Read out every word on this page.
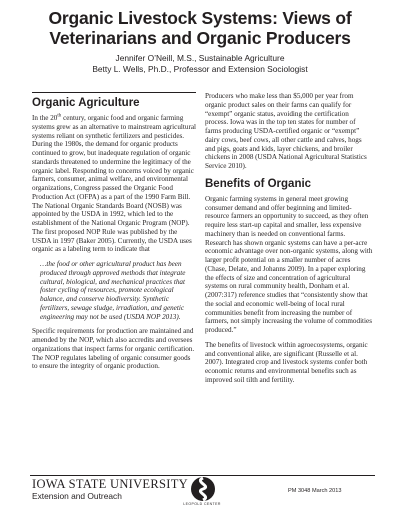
Organic Livestock Systems: Views of
Veterinarians and Organic Producers
Jennifer O’Neill, M.S., Sustainable Agriculture
Betty L. Wells, Ph.D., Professor and Extension Sociologist
Organic Agriculture

In the 20th century, organic food and organic farming systems grew as an alternative to mainstream agricultural systems reliant on synthetic fertilizers and pesticides. During the 1980s, the demand for organic products continued to grow, but inadequate regulation of organic standards threatened to undermine the legitimacy of the organic label. Responding to concerns voiced by organic farmers, consumer, animal welfare, and environmental organizations, Congress passed the Organic Food Production Act (OFPA) as a part of the 1990 Farm Bill. The National Organic Standards Board (NOSB) was appointed by the USDA in 1992, which led to the establishment of the National Organic Program (NOP). The first proposed NOP Rule was published by the USDA in 1997 (Baker 2005). Currently, the USDA uses organic as a labeling term to indicate that

…the food or other agricultural product has been produced through approved methods that integrate cultural, biological, and mechanical practices that foster cycling of resources, promote ecological balance, and conserve biodiversity. Synthetic fertilizers, sewage sludge, irradiation, and genetic engineering may not be used (USDA NOP 2013).

Specific requirements for production are maintained and amended by the NOP, which also accredits and oversees organizations that inspect farms for organic certification. The NOP regulates labeling of organic consumer goods to ensure the integrity of organic production.

Producers who make less than $5,000 per year from organic product sales on their farms can qualify for “exempt” organic status, avoiding the certification process. Iowa was in the top ten states for number of farms producing USDA-certified organic or “exempt” dairy cows, beef cows, all other cattle and calves, hogs and pigs, goats and kids, layer chickens, and broiler chickens in 2008 (USDA National Agricultural Statistics Service 2010).

Benefits of Organic

Organic farming systems in general meet growing consumer demand and offer beginning and limited-resource farmers an opportunity to succeed, as they often require less start-up capital and smaller, less expensive machinery than is needed on conventional farms. Research has shown organic systems can have a per-acre economic advantage over non-organic systems, along with larger profit potential on a smaller number of acres (Chase, Delate, and Johanns 2009). In a paper exploring the effects of size and concentration of agricultural systems on rural community health, Donham et al. (2007:317) reference studies that “consistently show that the social and economic well-being of local rural communities benefit from increasing the number of farmers, not simply increasing the volume of commodities produced.”

The benefits of livestock within agroecosystems, organic and conventional alike, are significant (Russelle et al. 2007). Integrated crop and livestock systems confer both economic returns and environmental benefits such as improved soil tilth and fertility.

IOWA STATE UNIVERSITY
Extension and Outreach
LEOPOLD CENTER
PM 3048 March 2013
